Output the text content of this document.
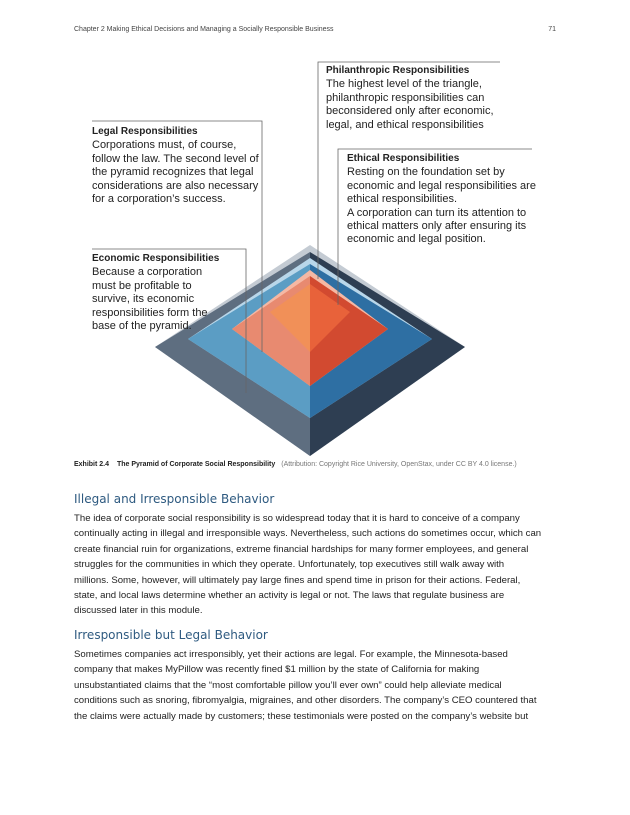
Chapter 2 Making Ethical Decisions and Managing a Socially Responsible Business	71
Philanthropic Responsibilities
The highest level of the triangle, philanthropic responsibilities can beconsidered only after economic, legal, and ethical responsibilities
Legal Responsibilities
Corporations must, of course, follow the law. The second level of the pyramid recognizes that legal considerations are also necessary for a corporation’s success.
Ethical Responsibilities
Resting on the foundation set by economic and legal responsibilities are ethical responsibilities.
A corporation can turn its attention to ethical matters only after ensuring its economic and legal position.
Economic Responsibilities
Because a corporation must be profitable to survive, its economic responsibilities form the base of the pyramid.
Exhibit 2.4 The Pyramid of Corporate Social Responsibility (Attribution: Copyright Rice University, OpenStax, under CC BY 4.0 license.)
Illegal and Irresponsible Behavior
The idea of corporate social responsibility is so widespread today that it is hard to conceive of a company
continually acting in illegal and irresponsible ways. Nevertheless, such actions do sometimes occur, which can
create financial ruin for organizations, extreme financial hardships for many former employees, and general
struggles for the communities in which they operate. Unfortunately, top executives still walk away with
millions. Some, however, will ultimately pay large fines and spend time in prison for their actions. Federal,
state, and local laws determine whether an activity is legal or not. The laws that regulate business are
discussed later in this module.
Irresponsible but Legal Behavior
Sometimes companies act irresponsibly, yet their actions are legal. For example, the Minnesota-based
company that makes MyPillow was recently fined $1 million by the state of California for making
unsubstantiated claims that the “most comfortable pillow you’ll ever own” could help alleviate medical
conditions such as snoring, fibromyalgia, migraines, and other disorders. The company’s CEO countered that
the claims were actually made by customers; these testimonials were posted on the company’s website but
